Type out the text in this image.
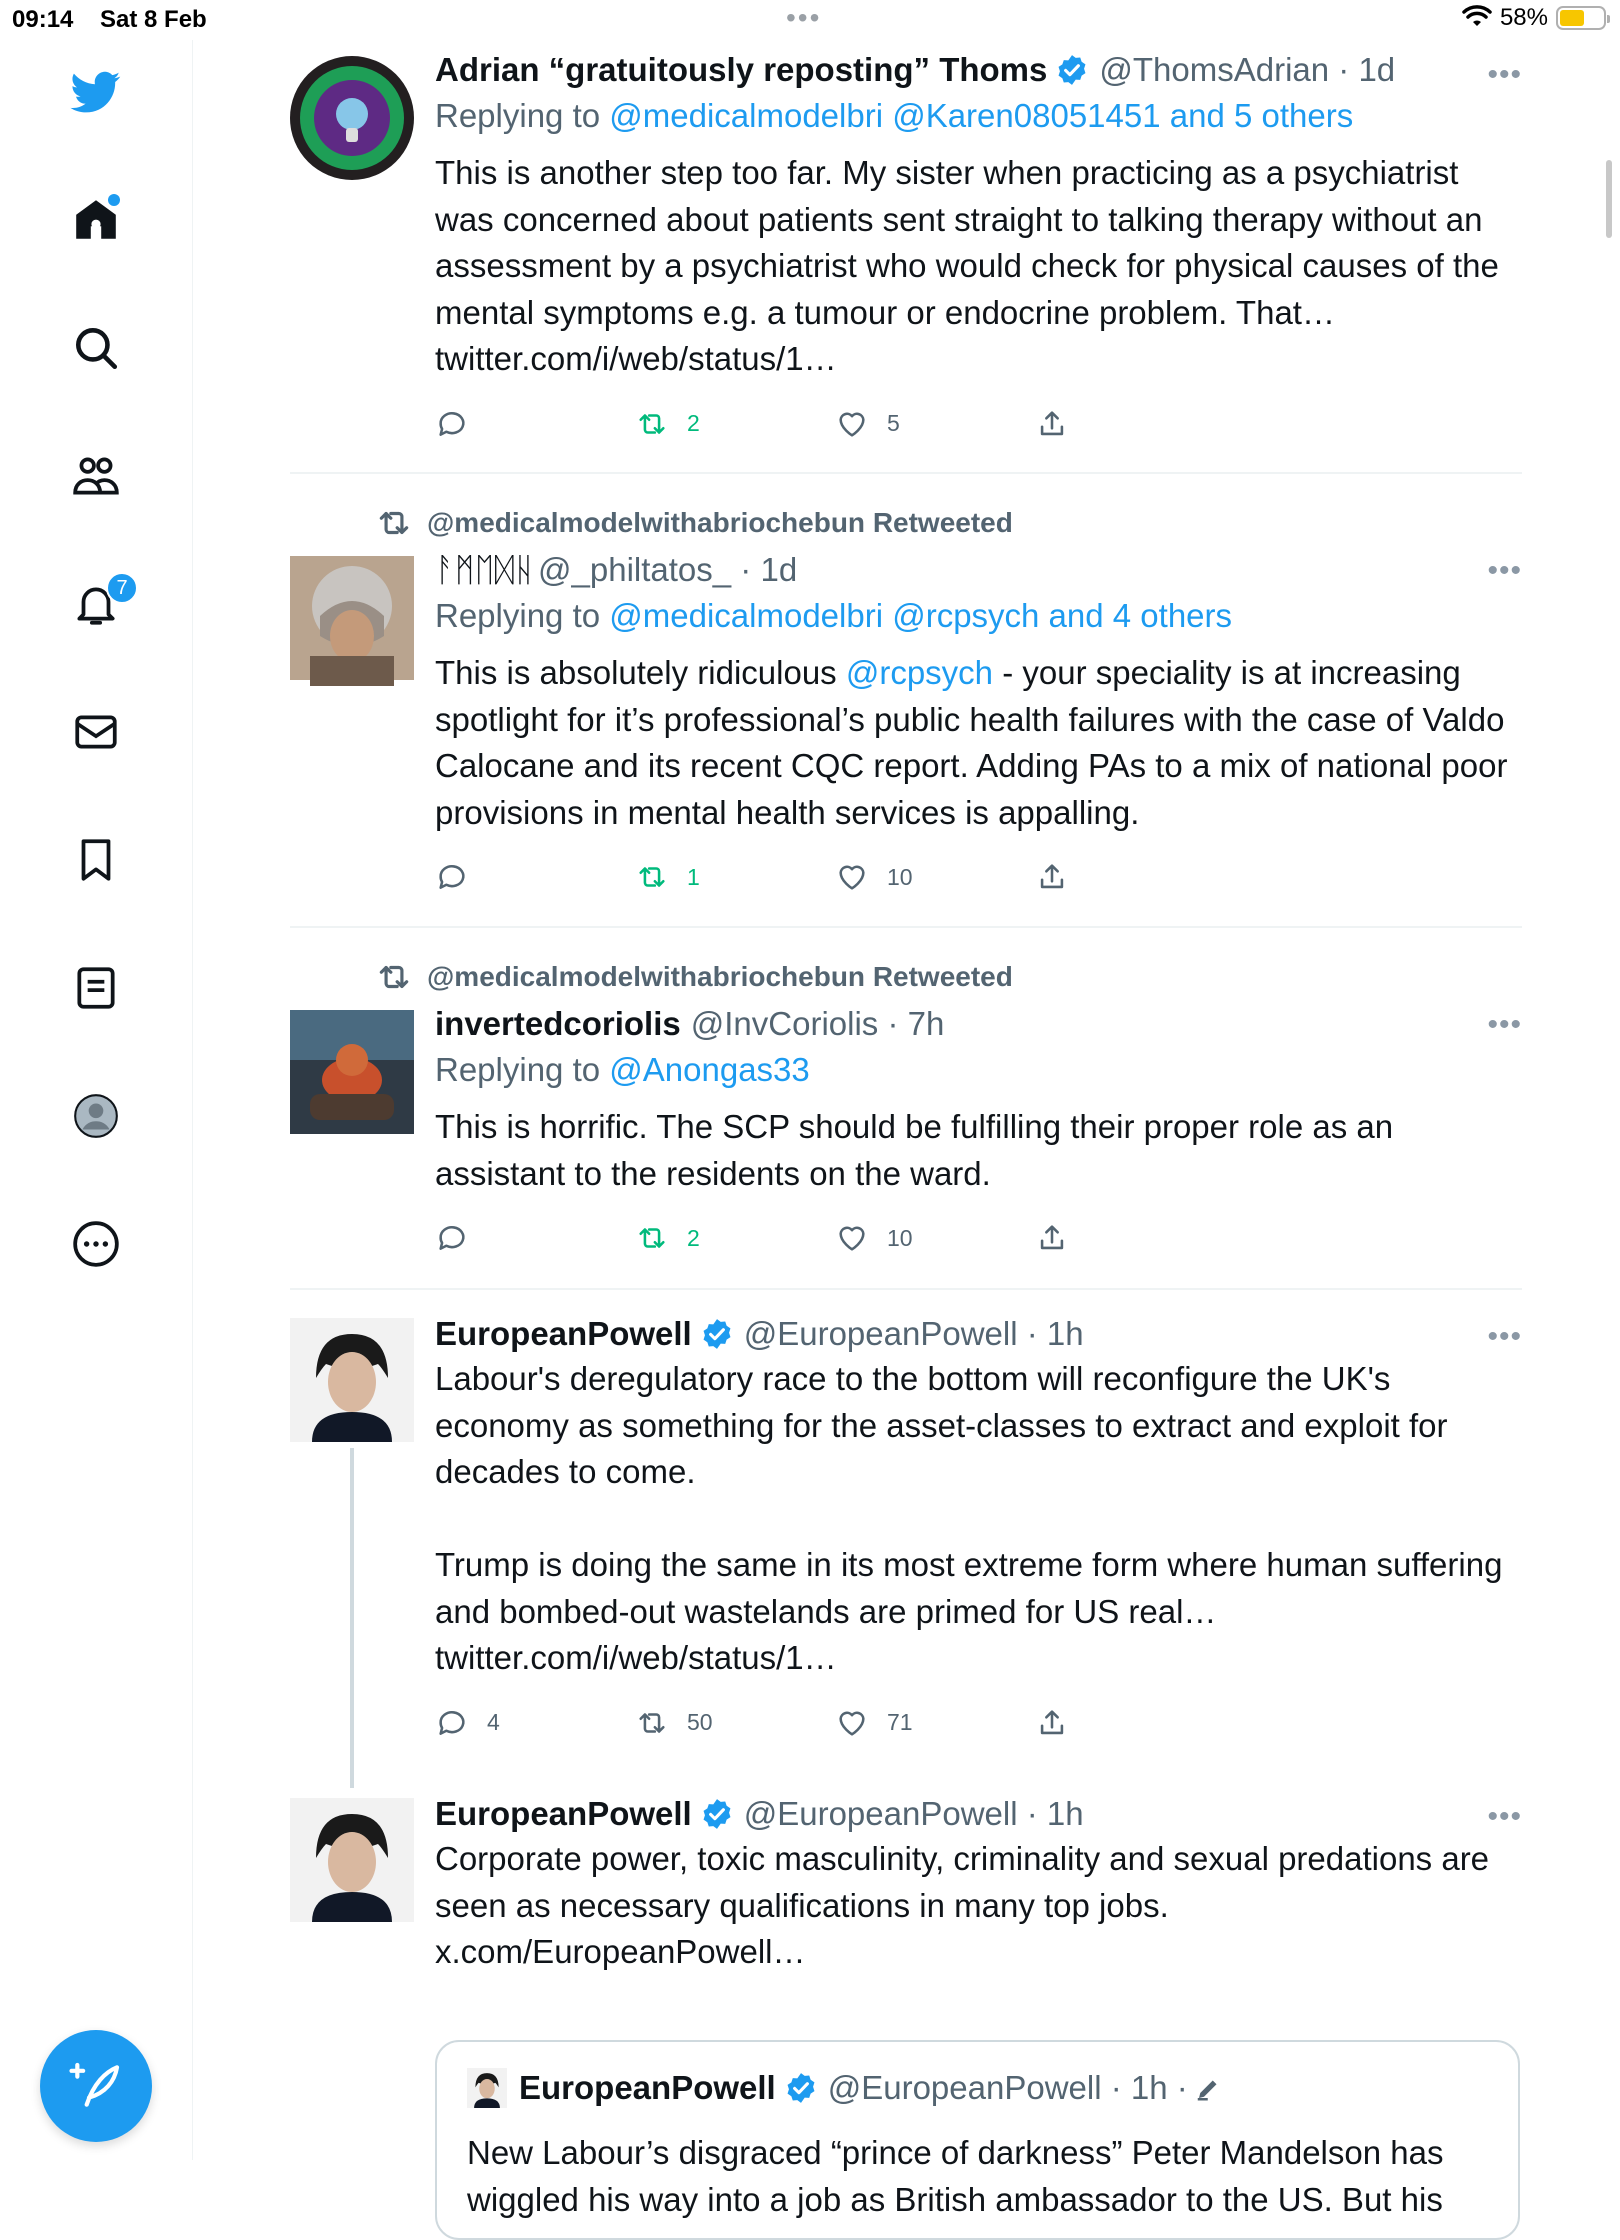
09:14 Sat 8 Feb	•••	58%
7
Adrian “gratuitously reposting” Thoms @ThomsAdrian · 1d
Replying to @medicalmodelbri @Karen08051451 and 5 others
This is another step too far. My sister when practicing as a psychiatrist was concerned about patients sent straight to talking therapy without an assessment by a psychiatrist who would check for physical causes of the mental symptoms e.g. a tumour or endocrine problem. That…
twitter.com/i/web/status/1…
2	5
•••
@medicalmodelwithabriochebun Retweeted
ᚨᛗᛖᛞᚺ @_philtatos_ · 1d
Replying to @medicalmodelbri @rcpsych and 4 others
This is absolutely ridiculous @rcpsych - your speciality is at increasing spotlight for it’s professional’s public health failures with the case of Valdo Calocane and its recent CQC report. Adding PAs to a mix of national poor provisions in mental health services is appalling.
1	10
•••
@medicalmodelwithabriochebun Retweeted
invertedcoriolis @InvCoriolis · 7h
Replying to @Anongas33
This is horrific. The SCP should be fulfilling their proper role as an assistant to the residents on the ward.
2	10
•••
EuropeanPowell @EuropeanPowell · 1h
Labour's deregulatory race to the bottom will reconfigure the UK's economy as something for the asset-classes to extract and exploit for decades to come.

Trump is doing the same in its most extreme form where human suffering and bombed-out wastelands are primed for US real…
twitter.com/i/web/status/1…
4	50	71
•••
EuropeanPowell @EuropeanPowell · 1h
Corporate power, toxic masculinity, criminality and sexual predations are seen as necessary qualifications in many top jobs.
x.com/EuropeanPowell…
•••
EuropeanPowell @EuropeanPowell · 1h ·
New Labour’s disgraced “prince of darkness” Peter Mandelson has wiggled his way into a job as British ambassador to the US. But his
